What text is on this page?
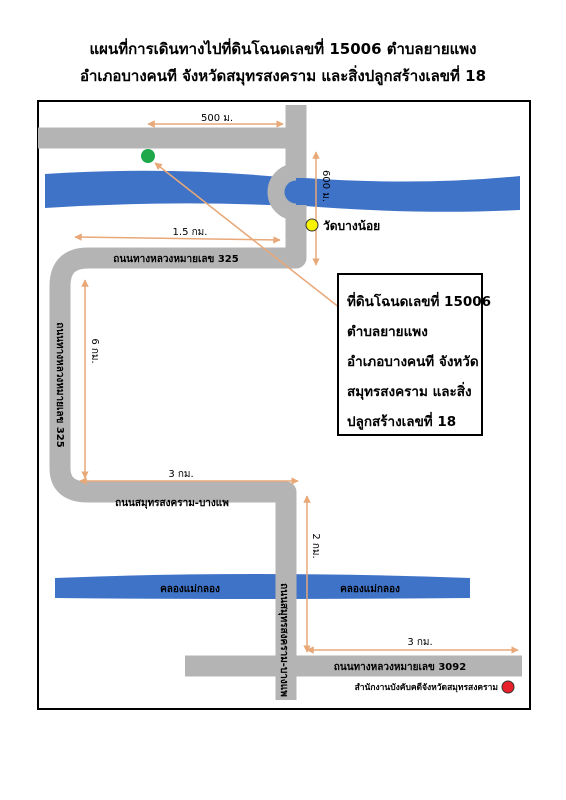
แผนที่การเดินทางไปที่ดินโฉนดเลขที่ 15006 ตำบลยายแพง
อำเภอบางคนที จังหวัดสมุทรสงคราม และสิ่งปลูกสร้างเลขที่ 18
500 ม.
600 ม.
1.5 กม.
6 กม.
3 กม.
2 กม.
3 กม.
ถนนทางหลวงหมายเลข 325
ถนนทางหลวงหมายเลข 325
ถนนสมุทรสงคราม-บางแพ
ถนนสมุทรสงคราม-บางแพ	ถนนทางหลวงหมายเลข 3092
คลองแม่กลอง	คลองแม่กลอง
วัดบางน้อย
สำนักงานบังคับคดีจังหวัดสมุทรสงคราม
ที่ดินโฉนดเลขที่ 15006
ตำบลยายแพง
อำเภอบางคนที จังหวัด
สมุทรสงคราม และสิ่ง
ปลูกสร้างเลขที่ 18
